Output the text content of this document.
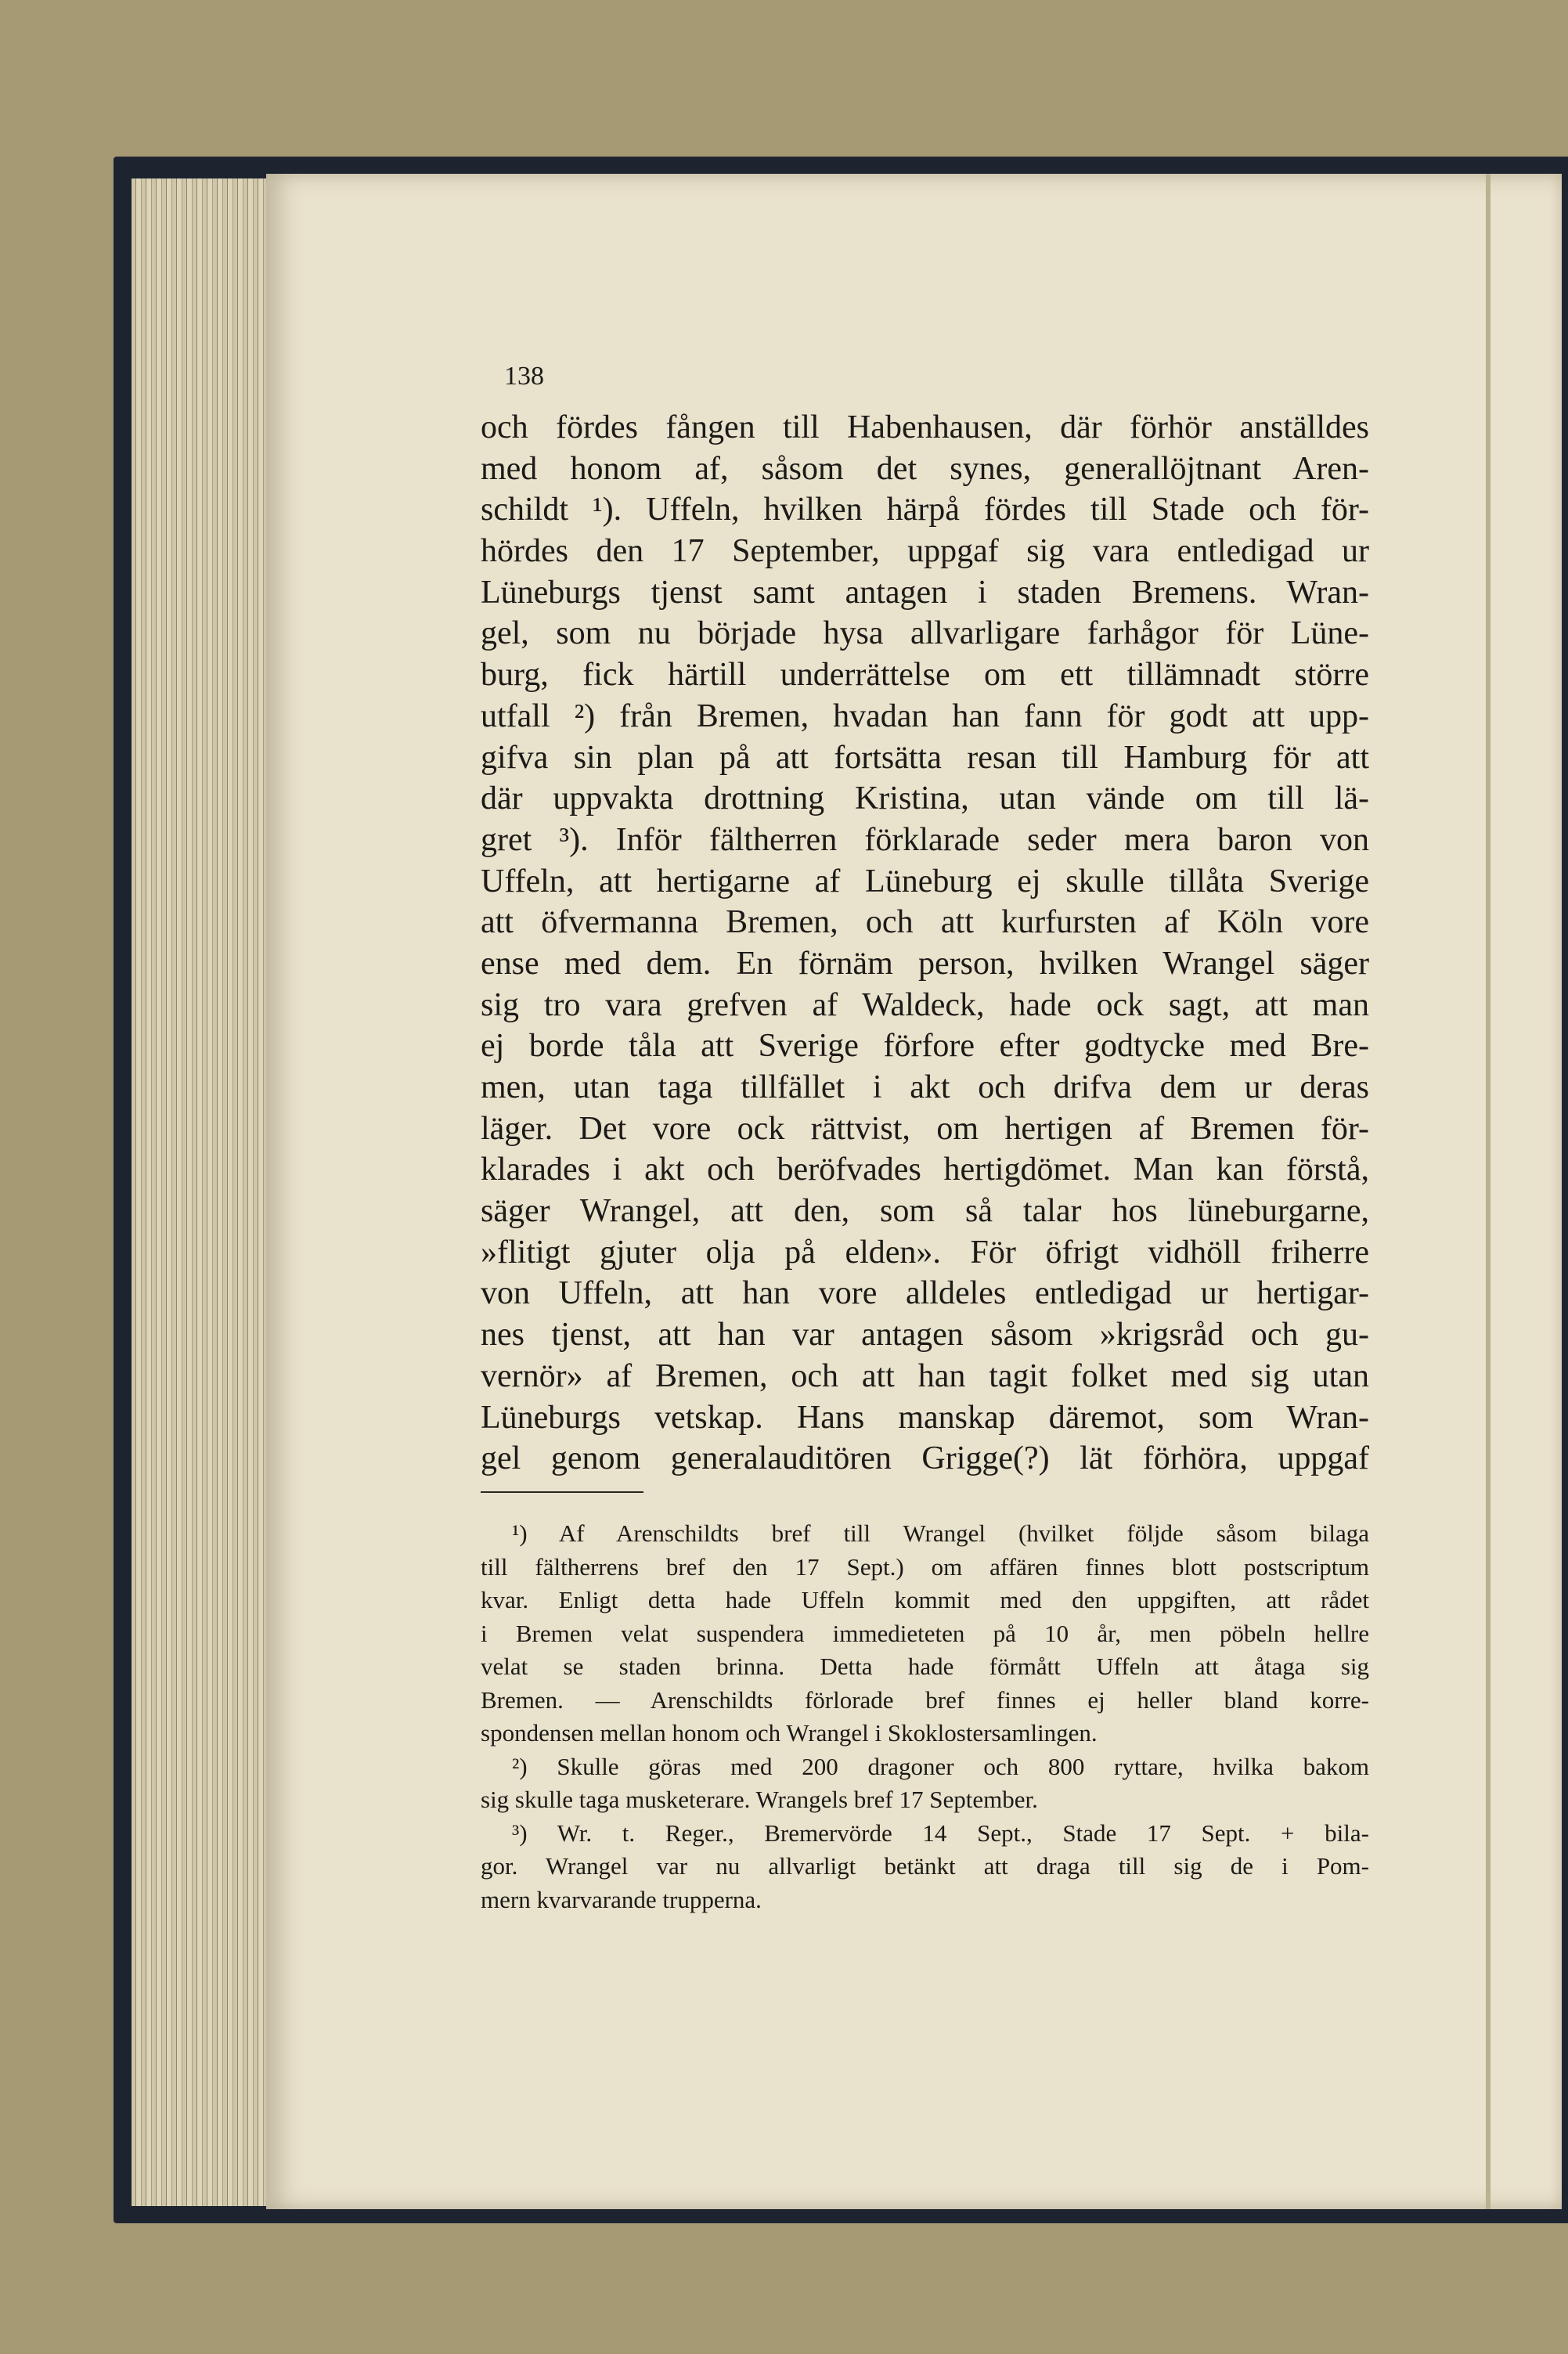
138
och fördes fången till Habenhausen, där förhör anställdes
med honom af, såsom det synes, generallöjtnant Aren-
schildt ¹). Uffeln, hvilken härpå fördes till Stade och för-
hördes den 17 September, uppgaf sig vara entledigad ur
Lüneburgs tjenst samt antagen i staden Bremens. Wran-
gel, som nu började hysa allvarligare farhågor för Lüne-
burg, fick härtill underrättelse om ett tillämnadt större
utfall ²) från Bremen, hvadan han fann för godt att upp-
gifva sin plan på att fortsätta resan till Hamburg för att
där uppvakta drottning Kristina, utan vände om till lä-
gret ³). Inför fältherren förklarade seder mera baron von
Uffeln, att hertigarne af Lüneburg ej skulle tillåta Sverige
att öfvermanna Bremen, och att kurfursten af Köln vore
ense med dem. En förnäm person, hvilken Wrangel säger
sig tro vara grefven af Waldeck, hade ock sagt, att man
ej borde tåla att Sverige förfore efter godtycke med Bre-
men, utan taga tillfället i akt och drifva dem ur deras
läger. Det vore ock rättvist, om hertigen af Bremen för-
klarades i akt och beröfvades hertigdömet. Man kan förstå,
säger Wrangel, att den, som så talar hos lüneburgarne,
»flitigt gjuter olja på elden». För öfrigt vidhöll friherre
von Uffeln, att han vore alldeles entledigad ur hertigar-
nes tjenst, att han var antagen såsom »krigsråd och gu-
vernör» af Bremen, och att han tagit folket med sig utan
Lüneburgs vetskap. Hans manskap däremot, som Wran-
gel genom generalauditören Grigge(?) lät förhöra, uppgaf
¹) Af Arenschildts bref till Wrangel (hvilket följde såsom bilaga
till fältherrens bref den 17 Sept.) om affären finnes blott postscriptum
kvar. Enligt detta hade Uffeln kommit med den uppgiften, att rådet
i Bremen velat suspendera immedieteten på 10 år, men pöbeln hellre
velat se staden brinna. Detta hade förmått Uffeln att åtaga sig
Bremen. — Arenschildts förlorade bref finnes ej heller bland korre-
spondensen mellan honom och Wrangel i Skoklostersamlingen.
²) Skulle göras med 200 dragoner och 800 ryttare, hvilka bakom
sig skulle taga musketerare. Wrangels bref 17 September.
³) Wr. t. Reger., Bremervörde 14 Sept., Stade 17 Sept. + bila-
gor. Wrangel var nu allvarligt betänkt att draga till sig de i Pom-
mern kvarvarande trupperna.
